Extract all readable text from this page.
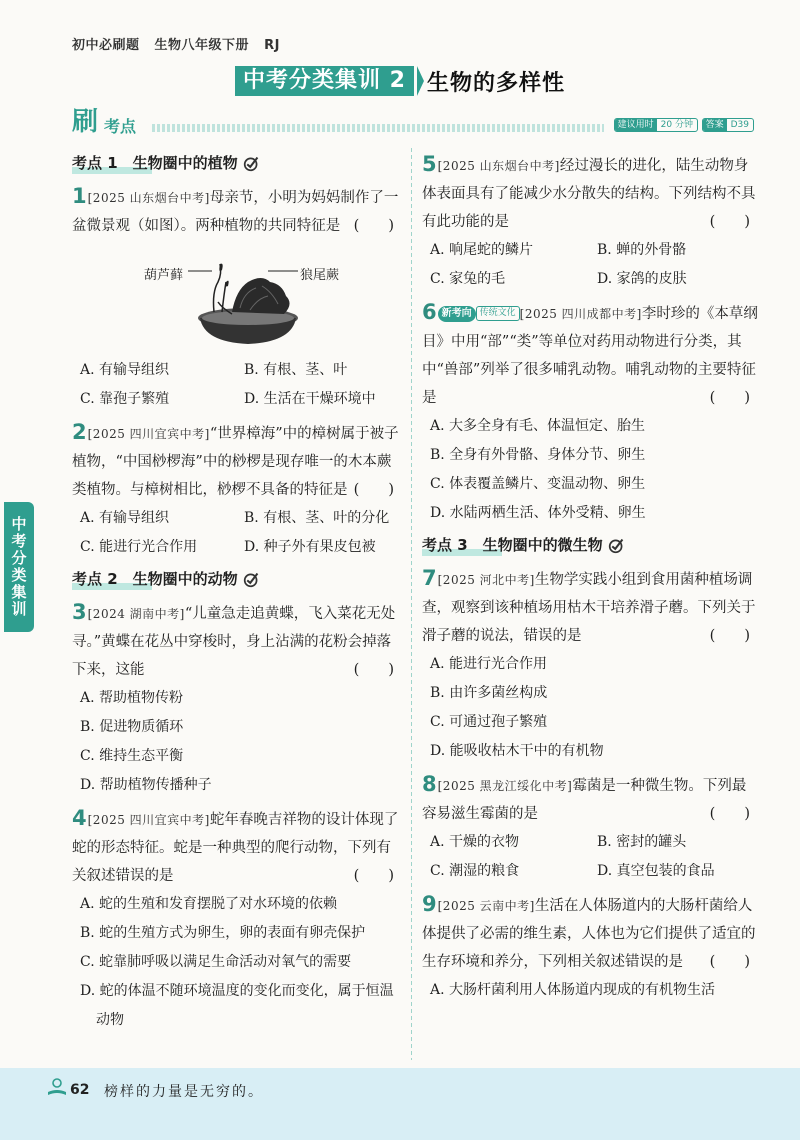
初中必刷题 生物八年级下册 RJ
中考分类集训 2 生物的多样性
刷 考点	建议用时 20 分钟	答案 D39
中考分类集训
考点 1　生物圈中的植物
1[2025 山东烟台中考]母亲节，小明为妈妈制作了一盆微景观（如图）。两种植物的共同特征是 (　　)
葫芦藓	狼尾蕨
A. 有输导组织	B. 有根、茎、叶
C. 靠孢子繁殖	D. 生活在干燥环境中
2[2025 四川宜宾中考]“世界樟海”中的樟树属于被子植物，“中国桫椤海”中的桫椤是现存唯一的木本蕨类植物。与樟树相比，桫椤不具备的特征是 (　　)
A. 有输导组织	B. 有根、茎、叶的分化
C. 能进行光合作用	D. 种子外有果皮包被
考点 2　生物圈中的动物
3[2024 湖南中考]“儿童急走追黄蝶，飞入菜花无处寻。”黄蝶在花丛中穿梭时，身上沾满的花粉会掉落下来，这能	(　　)
A. 帮助植物传粉
B. 促进物质循环
C. 维持生态平衡
D. 帮助植物传播种子
4[2025 四川宜宾中考]蛇年春晚吉祥物的设计体现了蛇的形态特征。蛇是一种典型的爬行动物，下列有关叙述错误的是	(　　)
A. 蛇的生殖和发育摆脱了对水环境的依赖
B. 蛇的生殖方式为卵生，卵的表面有卵壳保护
C. 蛇靠肺呼吸以满足生命活动对氧气的需要
D. 蛇的体温不随环境温度的变化而变化，属于恒温动物
5[2025 山东烟台中考]经过漫长的进化，陆生动物身体表面具有了能减少水分散失的结构。下列结构不具有此功能的是	(　　)
A. 响尾蛇的鳞片	B. 蝉的外骨骼
C. 家兔的毛	D. 家鸽的皮肤
6 新考向 传统文化 [2025 四川成都中考]李时珍的《本草纲目》中用“部”“类”等单位对药用动物进行分类，其中“兽部”列举了很多哺乳动物。哺乳动物的主要特征是	(　　)
A. 大多全身有毛、体温恒定、胎生
B. 全身有外骨骼、身体分节、卵生
C. 体表覆盖鳞片、变温动物、卵生
D. 水陆两栖生活、体外受精、卵生
考点 3　生物圈中的微生物
7[2025 河北中考]生物学实践小组到食用菌种植场调查，观察到该种植场用枯木干培养滑子蘑。下列关于滑子蘑的说法，错误的是	(　　)
A. 能进行光合作用
B. 由许多菌丝构成
C. 可通过孢子繁殖
D. 能吸收枯木干中的有机物
8[2025 黑龙江绥化中考]霉菌是一种微生物。下列最容易滋生霉菌的是	(　　)
A. 干燥的衣物	B. 密封的罐头
C. 潮湿的粮食	D. 真空包装的食品
9[2025 云南中考]生活在人体肠道内的大肠杆菌给人体提供了必需的维生素，人体也为它们提供了适宜的生存环境和养分，下列相关叙述错误的是 (　　)
A. 大肠杆菌利用人体肠道内现成的有机物生活
62 榜样的力量是无穷的。
